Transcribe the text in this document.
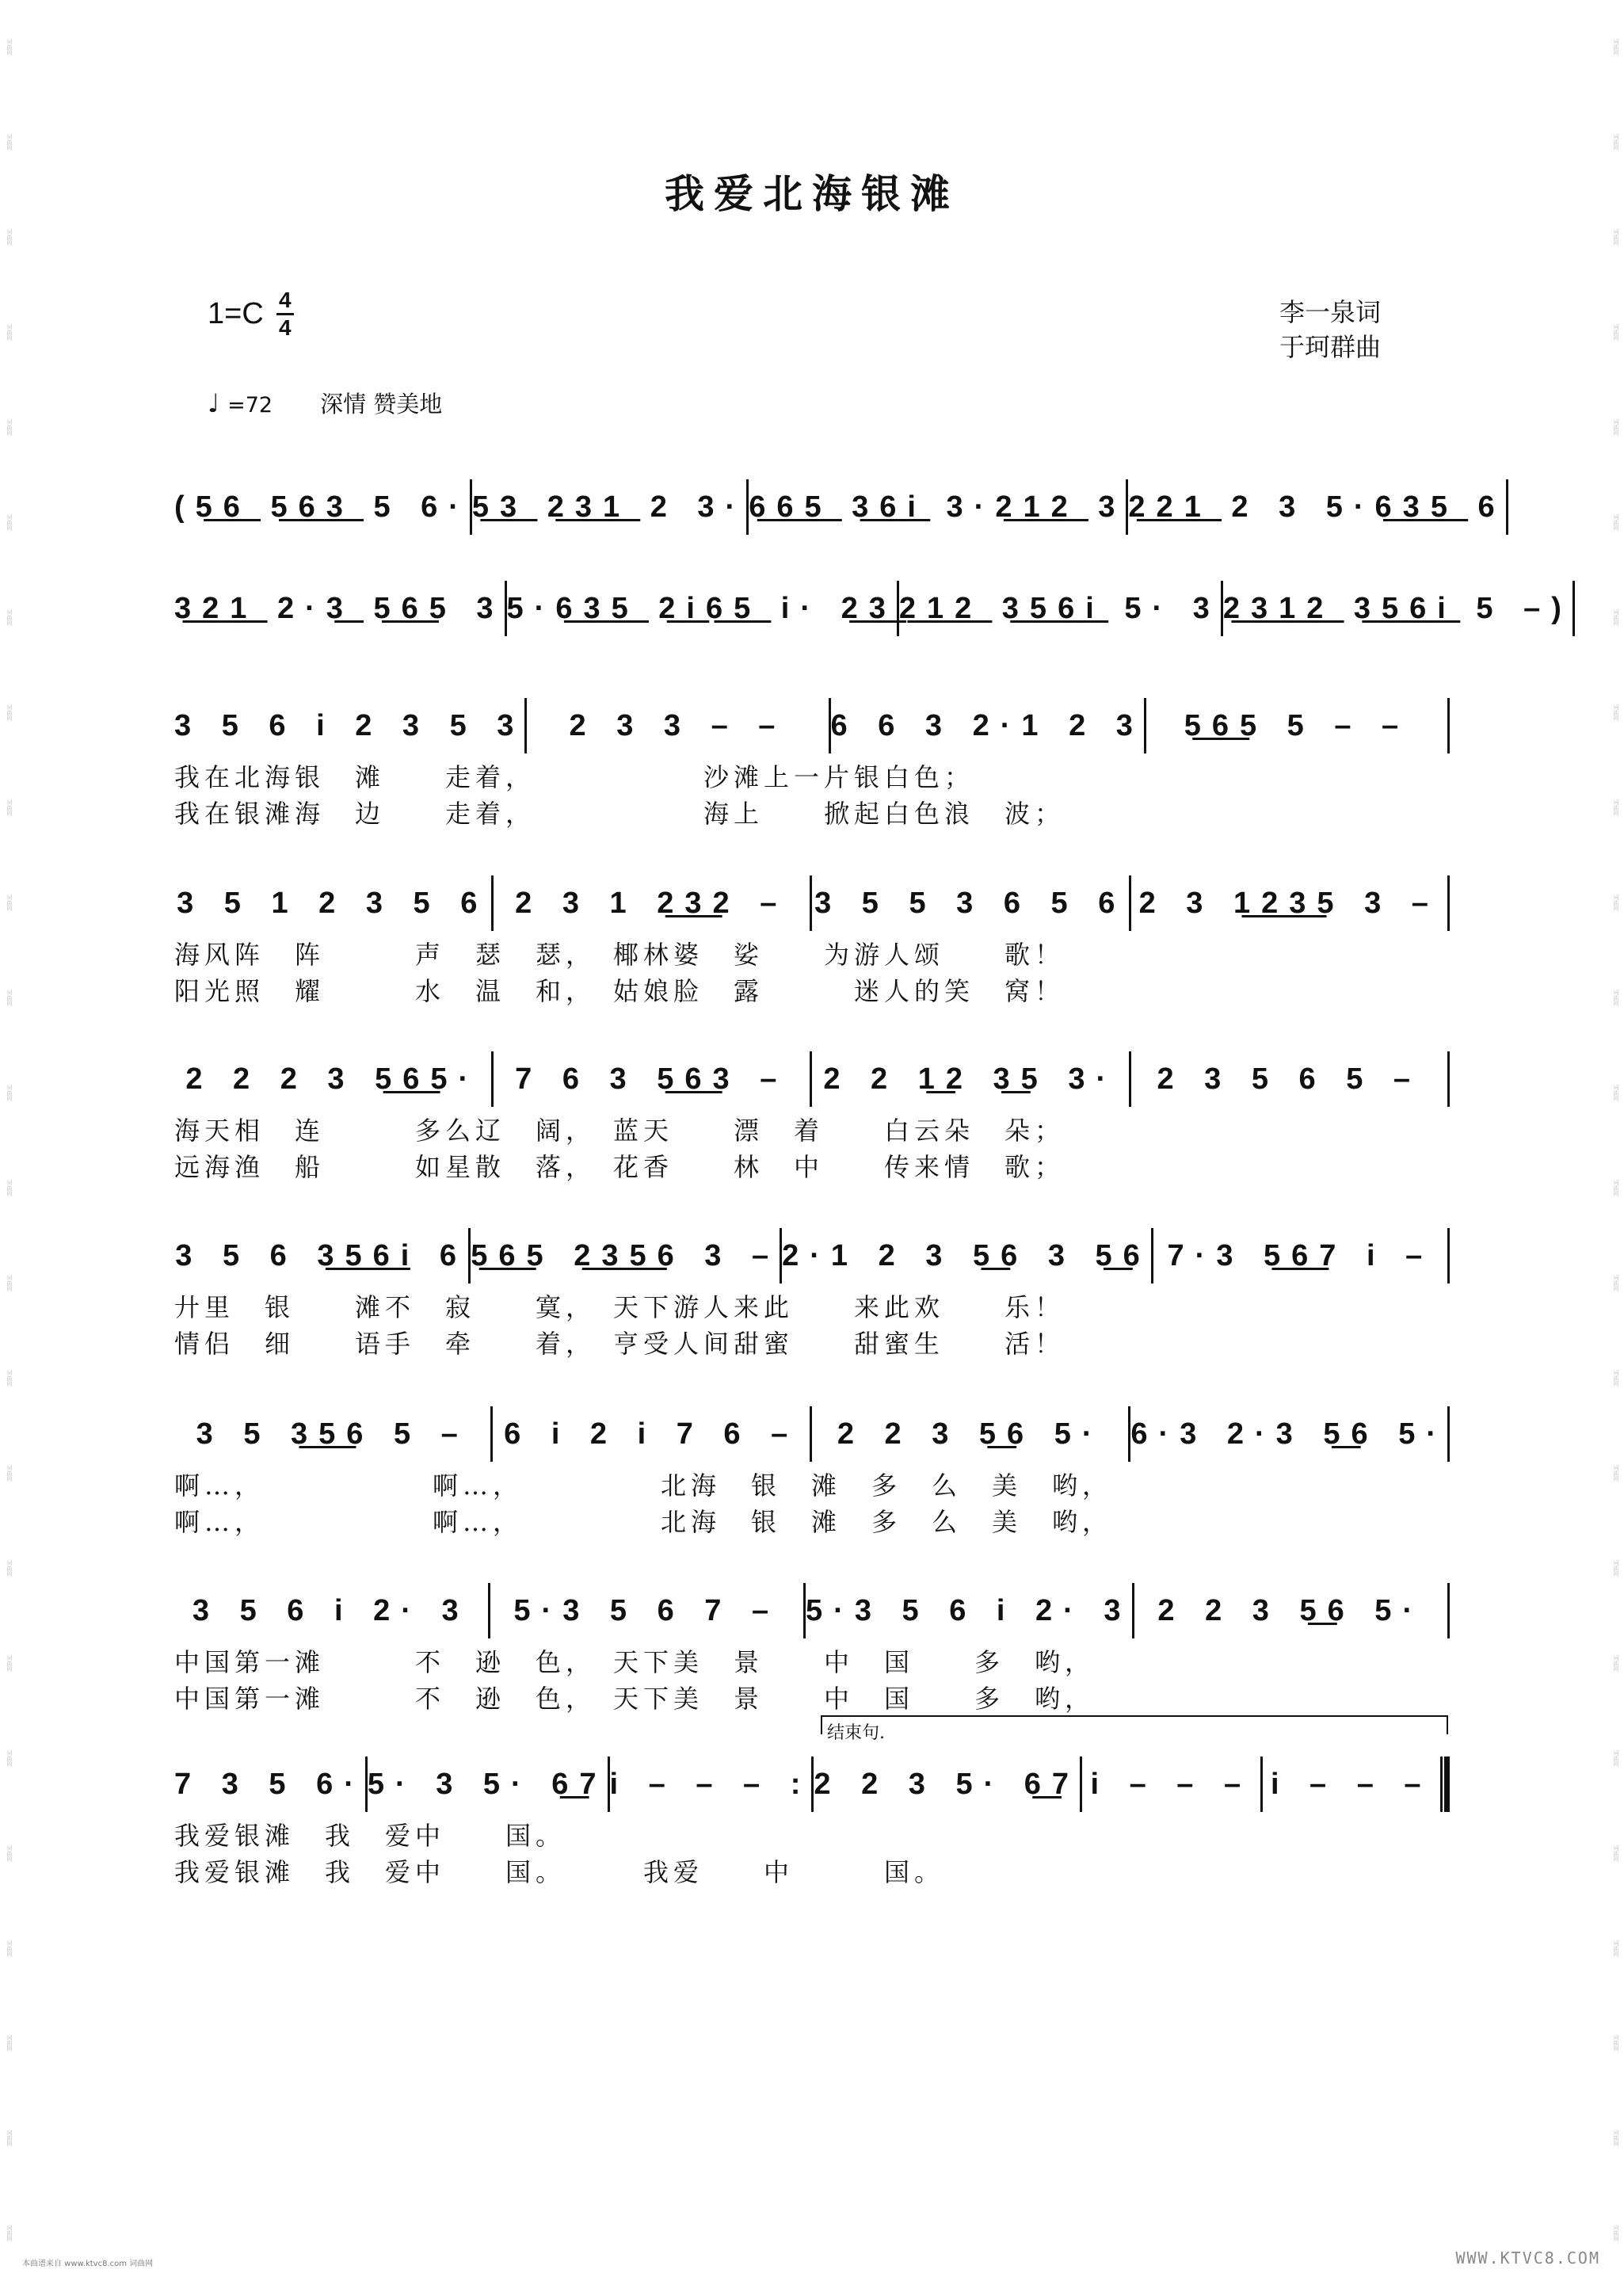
词曲网
词曲网
词曲网
词曲网
词曲网
词曲网
词曲网
词曲网
词曲网
词曲网
词曲网
词曲网
词曲网
词曲网
词曲网
词曲网
词曲网
词曲网
词曲网
词曲网
词曲网
词曲网
词曲网
词曲网
词曲网
词曲网
词曲网
词曲网
词曲网
词曲网
词曲网
词曲网
词曲网
词曲网
词曲网
词曲网
词曲网
词曲网
词曲网
词曲网
词曲网
词曲网
词曲网
词曲网
词曲网
词曲网
词曲网
词曲网
我爱北海银滩
1=C 4
4
李一泉词
于珂群曲
♩ =72 深情 赞美地
(5͟6͟ 5͟6͟3͟ 5 6· 5͟3͟ 2͟3͟1͟ 2 3· 6͟6͟5͟ 3͟6͟i͟ 3·2͟1͟2͟ 3 2͟2͟1͟ 2 3 5·6͟3͟5͟ 6
3͟2͟1͟ 2·3͟ 5͟6͟5 3 5·6͟3͟5͟ 2͟i͟6͟5͟ i· 2͟3͟ 2͟1͟2͟ 3͟5͟6͟i͟ 5· 3 2͟3͟1͟2͟ 3͟5͟6͟i͟ 5 –)
3 5 6 i 2 3 5 3	2 3 3 – –	6 6 3 2·1 2 3	5͟6͟5 5 – –
我在北海银　滩　　走着，　　　　　　沙滩上一片银白色；
我在银滩海　边　　走着，　　　　　　海上　　掀起白色浪　波；
3 5 1 2 3 5 6 2 3 1 2͟3͟2 – 3 5 5 3 6 5 6 2 3 1͟2͟3͟5 3 –
海风阵　阵　　　声　瑟　瑟，　椰林婆　娑　　为游人颂　　歌！
阳光照　耀　　　水　温　和，　姑娘脸　露　　　迷人的笑　窝！
2 2 2 3 5͟6͟5·	7 6 3 5͟6͟3 –	2 2 1͟2 3͟5 3·	2 3 5 6 5 –
海天相　连　　　多么辽　阔，　蓝天　　漂　着　　白云朵　朵；
远海渔　船　　　如星散　落，　花香　　林　中　　传来情　歌；
3 5 6 3͟5͟6͟i 6 5͟6͟5 2͟3͟5͟6 3 – 2·1 2 3 5͟6 3 5͟6 7·3 5͟6͟7 i –
廾里　银　　滩不　寂　　寞，　天下游人来此　　来此欢　　乐！
情侣　细　　语手　牵　　着，　亨受人间甜蜜　　甜蜜生　　活！
3 5 3͟5͟6 5 –	6 i 2 i 7 6 –	2 2 3 5͟6 5· 6·3 2·3 5͟6 5·
啊…，　　　　　　啊…，　　　　　北海　银　滩　多　么　美　哟，
啊…，　　　　　　啊…，　　　　　北海　银　滩　多　么　美　哟，
3 5 6 i 2· 3	5·3 5 6 7 – 5·3 5 6 i 2· 3 2 2 3 5͟6 5·
中国第一滩　　　不　逊　色，　天下美　景　　中　国　　多　哟，
中国第一滩　　　不　逊　色，　天下美　景　　中　国　　多　哟，
7 3 5 6· 5· 3 5· 6͟7 i – – – : 2 2 3 5· 6͟7 i – – – i – – –
我爱银滩　我　爱中　　国。
我爱银滩　我　爱中　　国。　　　我爱　　中　　　国。
结束句.
本曲谱来自 www.ktvc8.com 词曲网	WWW.KTVC8.COM
